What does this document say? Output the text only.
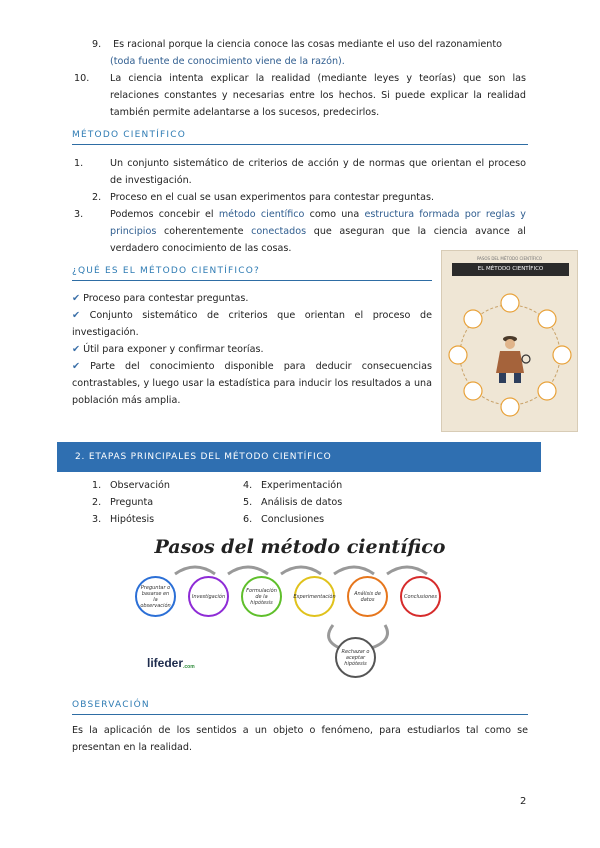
9. Es racional porque la ciencia conoce las cosas mediante el uso del razonamiento
(toda fuente de conocimiento viene de la razón).
10. La ciencia intenta explicar la realidad (mediante leyes y teorías) que son las relaciones constantes y necesarias entre los hechos. Si puede explicar la realidad también permite adelantarse a los sucesos, predecirlos.
MÉTODO CIENTÍFICO
1.	Un conjunto sistemático de criterios de acción y de normas que orientan el proceso de investigación.
2. Proceso en el cual se usan experimentos para contestar preguntas.
3.	Podemos concebir el método científico como una estructura formada por reglas y principios coherentemente conectados que aseguran que la ciencia avance al verdadero conocimiento de las cosas.
¿QUÉ ES EL MÉTODO CIENTÍFICO?
✔ Proceso para contestar preguntas.
✔ Conjunto sistemático de criterios que orientan el proceso de investigación.
✔ Útil para exponer y confirmar teorías.
✔ Parte del conocimiento disponible para deducir consecuencias contrastables, y luego usar la estadística para inducir los resultados a una población más amplia.
PASOS DEL MÉTODO CIENTÍFICO
EL MÉTODO CIENTÍFICO
2. ETAPAS PRINCIPALES DEL MÉTODO CIENTÍFICO
1. Observación
2. Pregunta
3. Hipótesis
4. Experimentación
5. Análisis de datos
6. Conclusiones
Pasos del método científico
Preguntar o basarse en la observación
Investigación
Formulación de la hipótesis
Experimentación	Análisis de datos	Conclusiones
Rechazar o aceptar hipótesis
lifeder.com
OBSERVACIÓN
Es la aplicación de los sentidos a un objeto o fenómeno, para estudiarlos tal como se presentan en la realidad.
2
